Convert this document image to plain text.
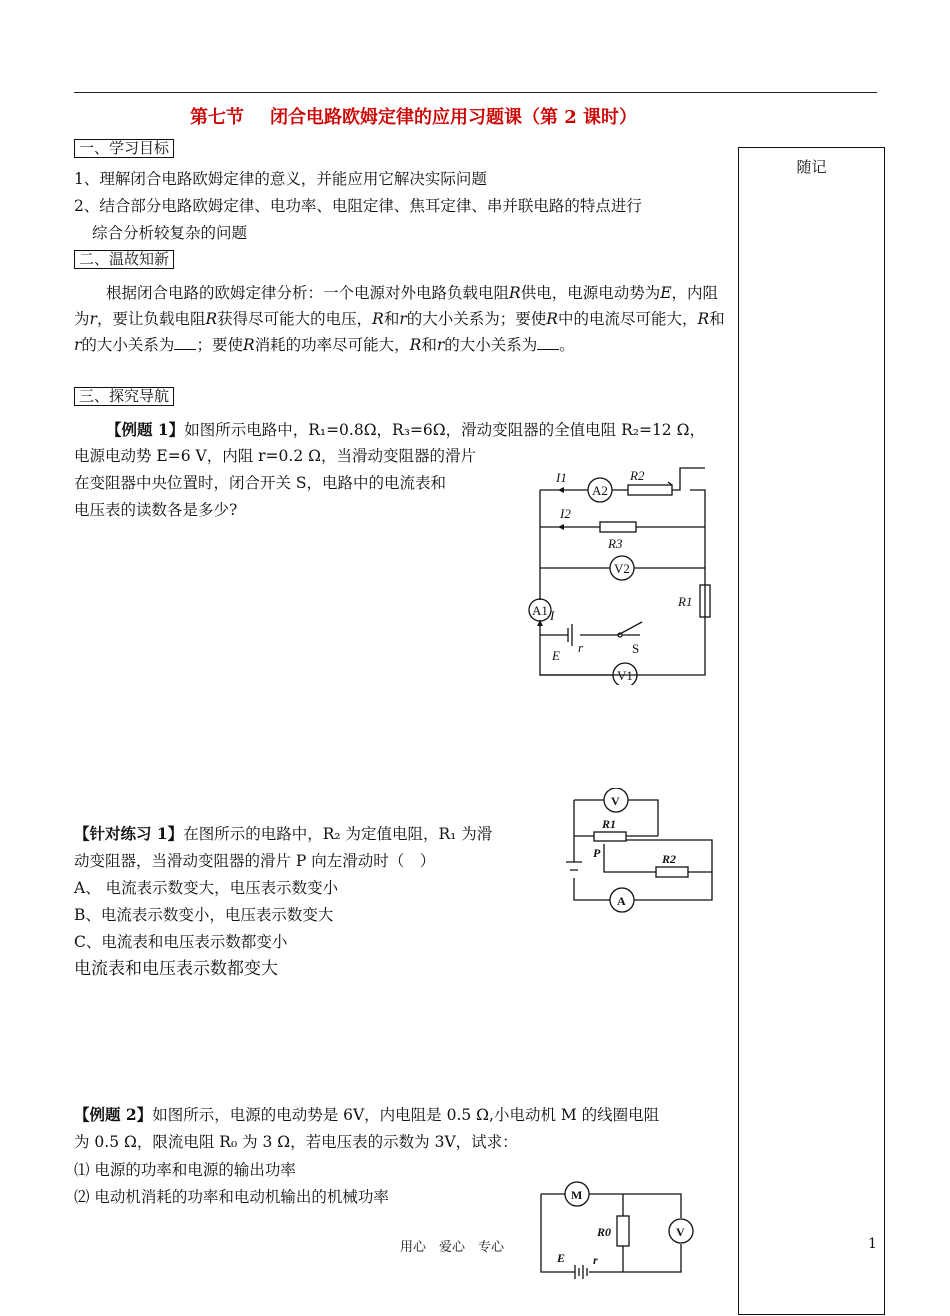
第七节 闭合电路欧姆定律的应用习题课（第 2 课时）
随记
一、学习目标
1、理解闭合电路欧姆定律的意义，并能应用它解决实际问题
2、结合部分电路欧姆定律、电功率、电阻定律、焦耳定律、串并联电路的特点进行
综合分析较复杂的问题
二、温故知新
根据闭合电路的欧姆定律分析：一个电源对外电路负载电阻R供电，电源电动势为E，内阻为r，要让负载电阻R获得尽可能大的电压，R和r的大小关系为；要使R中的电流尽可能大，R和r的大小关系为 ；要使R消耗的功率尽可能大，R和r的大小关系为 。
三、探究导航
【例题 1】如图所示电路中，R₁=0.8Ω，R₃=6Ω，滑动变阻器的全值电阻 R₂=12 Ω，
电源电动势 E=6 V，内阻 r=0.2 Ω，当滑动变阻器的滑片
在变阻器中央位置时，闭合开关 S，电路中的电流表和
电压表的读数各是多少?
I1
A2
R2
I2
R3
V2
A1
R1
I
r	S
E
V1
【针对练习 1】在图所示的电路中，R₂ 为定值电阻，R₁ 为滑
动变阻器，当滑动变阻器的滑片 P 向左滑动时（　）
A、 电流表示数变大，电压表示数变小
B、电流表示数变小，电压表示数变大
C、电流表和电压表示数都变小
电流表和电压表示数都变大
V
R1
P	R2
A
【例题 2】如图所示，电源的电动势是 6V，内电阻是 0.5 Ω,小电动机 M 的线圈电阻
为 0.5 Ω，限流电阻 R₀ 为 3 Ω，若电压表的示数为 3V，试求：
⑴ 电源的功率和电源的输出功率
⑵ 电动机消耗的功率和电动机输出的机械功率	M
R0	V
E r
用心　爱心　专心	1
